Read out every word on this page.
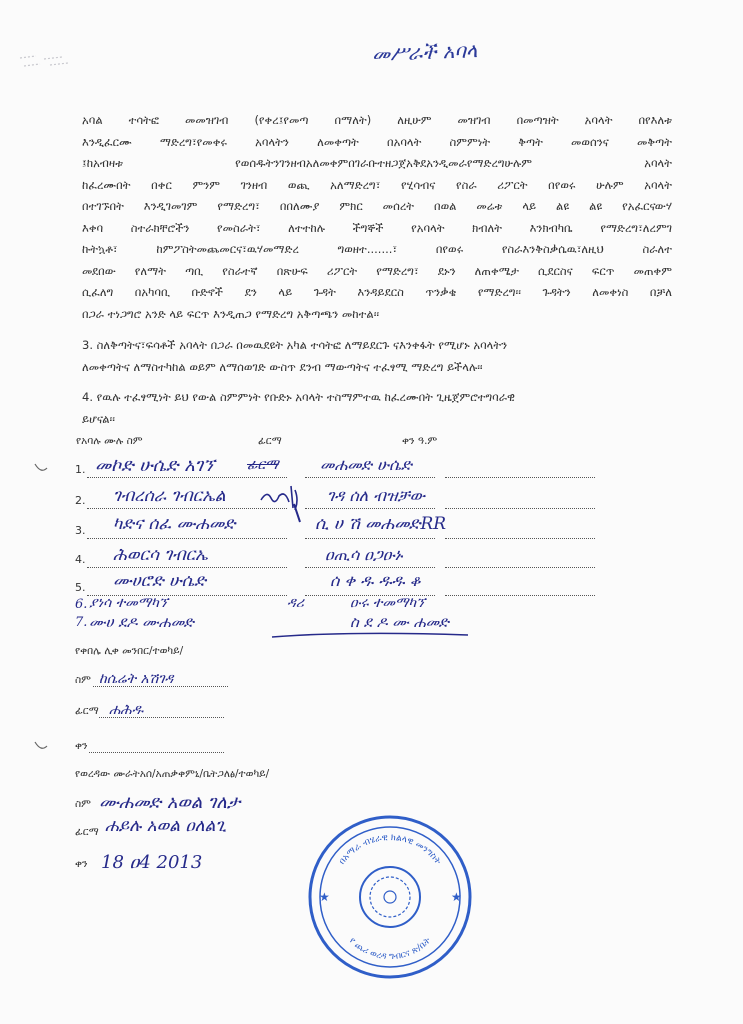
መሥራች አባላ
አባል ተሳትፎ መመዝገብ (የቀረ፤የመጣ በማለት) ለዚሁም መዝገብ በመጣዝት አባላት በየእለቱ
እንዲፈርሙ ማድረግ፣የመቀሩ አባላትን ለመቀጣት በአባላት ስምምነት ቅጣት መወሰንና መቅጣት
፤ከአብዛቱ የወሰዱትንገንዘብአለመቀምበገራቡተዘጋጀአቅደአንዲመራየማድረግሁሉም አባላት
ከፈረሙበት በቀር ምንም ገንዘብ ወጪ አለማድረግ፣ የሂሳብና የስራ ሪፖርት በየወሩ ሁሉም አባላት
በተገኙበት እንዲገመገም የማድረግ፣ በበለሙያ ምክር መሰረት በወል መሬቱ ላይ ልዩ ልዩ የአፈርናውሃ
እቀባ ስተራክቸሮችን የመስራት፣ ለተተከሉ ችግኞች የአባላት ክብለት እንክብካቤ የማድረግ፣ለረምገ
ኩትኳቶ፣ ከምፖስትመጨመርና፣ዉሃመማድረ ግወዘተ.......፣ በየወሩ የስራእንቅስቃሴዉ፣ለዚህ ስራለተ
መደበው የለማት ጣቢ የስራተኛ በጽሁፍ ሪፖርት የማድረግ፣ ደኑን ለጠቀሜታ ሲደርስና ፍርጥ መጠቀም
ሲፈለግ በአካባቢ ቡድኖች ደን ላይ ጉዳት እንዳይደርስ ጥንቃቄ የማድረግ፡፡ ጉዳትን ለመቀነስ በቻለ
በጋራ ተነጋግሮ አንድ ላይ ፍርጥ እንዲጠጋ የማድረግ አቅጣጫን መከተል፡፡
3. ስለቅጣትና፣ፍሳቶች አባላት በጋራ በመዉደዩት አካል ተሳትፎ ለማይደርጉ ናእንቀፋት የሚሆኑ አባላትን
ለመቀጣትና ለማስተካከል ወይም ለማሰወገድ ውስጥ ደንብ ማውጣትና ተፈፃሚ ማድረግ ይችላሉ፡፡
4. የዉሉ ተፈፃሚነት ይህ የውል ስምምነት የቡድኑ አባላት ተስማምተዉ ከፈረሙበት ጊዜጀምሮተግባራዊ
ይሆናል፡፡
የአባሉ ሙሉ ስም	ፊርማ	ቀን ዓ.ም
1. መኮድ ሁሴድ አገኘ ፊርማ	መሐመድ ሁሴድ
2. ገብረሰራ ገብርኤል	ገዳ ሰለ ብዝቻው
3. ካድና ሰፈ ሙሐመድ	ሲ ሀ ሽ መሐመድRR
4. ሕወርሳ ገብርኤ	ዐጢሳ ዐጋዑኑ
5. ሙሀሮድ ሁሴድ	ሰ ቀ ዱ ዱዱ ቆ
6. ያነሳ ተመማካኘ	ዳሪ	ዑሩ ተመማካኘ
7. ሙሀ ደዶ ሙሐመድ	ስ ደ ዶ ሙ ሐመድ
የቀበሌ ሊቀ መንበር/ተወካይ/
ስም ከሴሬት አሽገዳ
ፊርማ ሐሕዱ
ቀን
የወረዳው ሙራትአሰ/አጠቃቀምኒ/ቤትጋለፅ/ተወካይ/
ስም ሙሐመድ አወል ገለታ
ፊርማ ሐይሉ አወል ዐለልጊ
ቀን 18 ዐ4 2013
★	★
በአማራ ብሄራዊ ክልላዊ መንግስት
የ ጨሪ ወረዳ ግብርና ጽ/ቤት
